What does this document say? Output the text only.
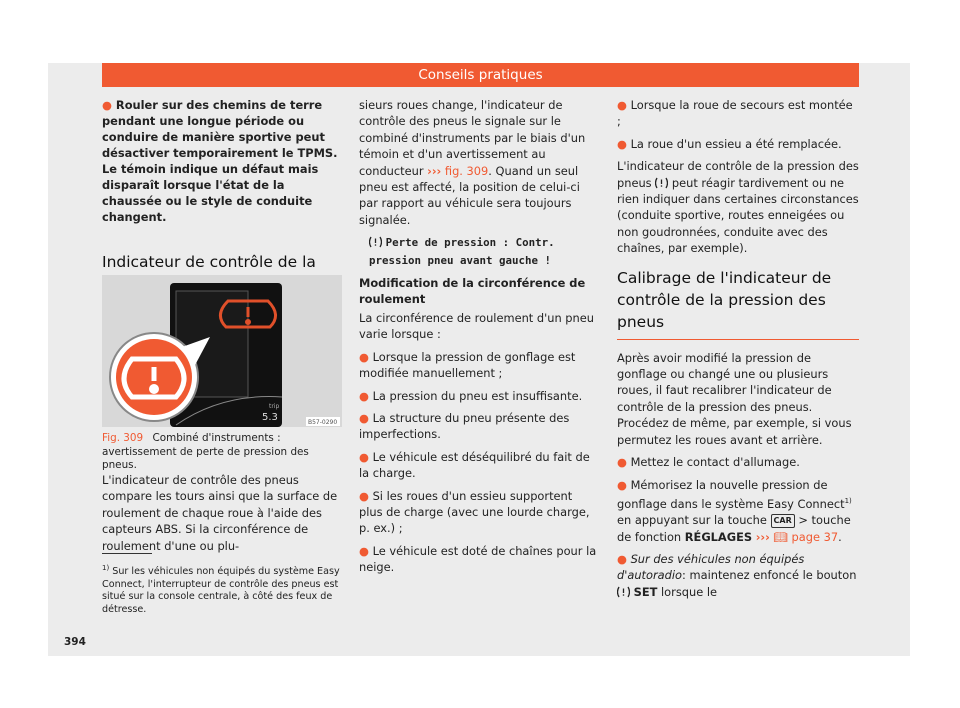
Conseils pratiques

● Rouler sur des chemins de terre pendant une longue période ou conduire de manière sportive peut désactiver temporairement le TPMS. Le témoin indique un défaut mais disparaît lorsque l'état de la chaussée ou le style de conduite changent.

Indicateur de contrôle de la
trip
5.3	B57-0290
Fig. 309 Combiné d'instruments : avertissement de perte de pression des pneus.

L'indicateur de contrôle des pneus compare les tours ainsi que la surface de roulement de chaque roue à l'aide des capteurs ABS. Si la circonférence de roulement d'une ou plu-

$^{1)}$ Sur les véhicules non équipés du système Easy Connect, l'interrupteur de contrôle des pneus est situé sur la console centrale, à côté des feux de détresse.
394

sieurs roues change, l'indicateur de contrôle des pneus le signale sur le combiné d'instruments par le biais d'un témoin et d'un avertissement au conducteur ››› fig. 309. Quand un seul pneu est affecté, la position de celui-ci par rapport au véhicule sera toujours signalée.

Perte de pression : Contr. pression pneu avant gauche !

Modification de la circonférence de roulement

La circonférence de roulement d'un pneu varie lorsque :

● Lorsque la pression de gonflage est modifiée manuellement ;

● La pression du pneu est insuffisante.

● La structure du pneu présente des imperfections.

● Le véhicule est déséquilibré du fait de la charge.

● Si les roues d'un essieu supportent plus de charge (avec une lourde charge, p. ex.) ;

● Le véhicule est doté de chaînes pour la neige.

● Lorsque la roue de secours est montée ;

● La roue d'un essieu a été remplacée.

L'indicateur de contrôle de la pression des pneus peut réagir tardivement ou ne rien indiquer dans certaines circonstances (conduite sportive, routes enneigées ou non goudronnées, conduite avec des chaînes, par exemple).

Calibrage de l'indicateur de contrôle de la pression des pneus

Après avoir modifié la pression de gonflage ou changé une ou plusieurs roues, il faut recalibrer l'indicateur de contrôle de la pression des pneus. Procédez de même, par exemple, si vous permutez les roues avant et arrière.

● Mettez le contact d'allumage.

● Mémorisez la nouvelle pression de gonflage dans le système Easy Connect$^{1)}$ en appuyant sur la touche CAR > touche de fonction RÉGLAGES ››› 📖︎ page 37.

● Sur des véhicules non équipés d'autoradio: maintenez enfoncé le bouton  SET lorsque le
